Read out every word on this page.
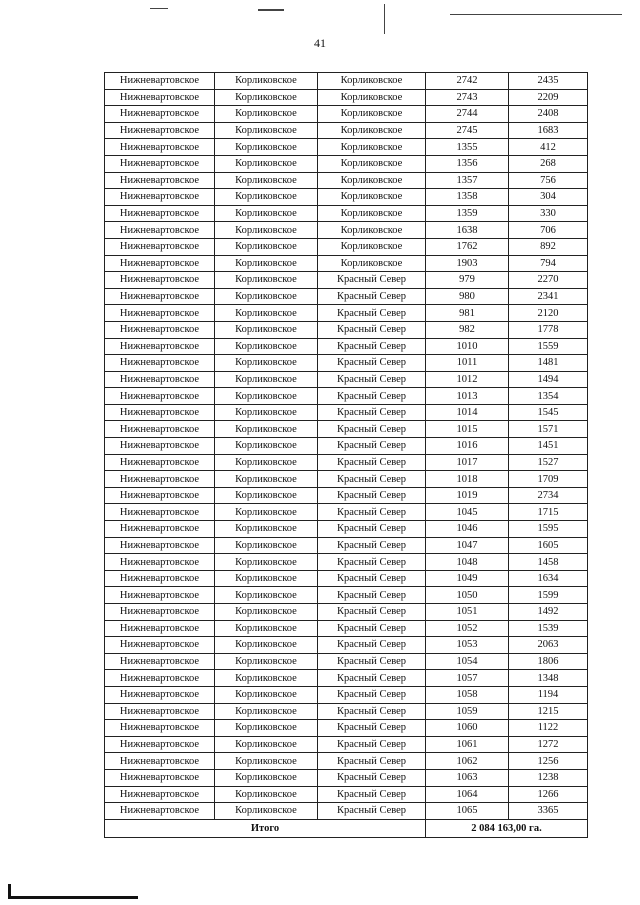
41
Нижневартовское	Корликовское	Корликовское	2742	2435
Нижневартовское	Корликовское	Корликовское	2743	2209
Нижневартовское	Корликовское	Корликовское	2744	2408
Нижневартовское	Корликовское	Корликовское	2745	1683
Нижневартовское	Корликовское	Корликовское	1355	412
Нижневартовское	Корликовское	Корликовское	1356	268
Нижневартовское	Корликовское	Корликовское	1357	756
Нижневартовское	Корликовское	Корликовское	1358	304
Нижневартовское	Корликовское	Корликовское	1359	330
Нижневартовское	Корликовское	Корликовское	1638	706
Нижневартовское	Корликовское	Корликовское	1762	892
Нижневартовское	Корликовское	Корликовское	1903	794
Нижневартовское	Корликовское	Красный Север	979	2270
Нижневартовское	Корликовское	Красный Север	980	2341
Нижневартовское	Корликовское	Красный Север	981	2120
Нижневартовское	Корликовское	Красный Север	982	1778
Нижневартовское	Корликовское	Красный Север	1010	1559
Нижневартовское	Корликовское	Красный Север	1011	1481
Нижневартовское	Корликовское	Красный Север	1012	1494
Нижневартовское	Корликовское	Красный Север	1013	1354
Нижневартовское	Корликовское	Красный Север	1014	1545
Нижневартовское	Корликовское	Красный Север	1015	1571
Нижневартовское	Корликовское	Красный Север	1016	1451
Нижневартовское	Корликовское	Красный Север	1017	1527
Нижневартовское	Корликовское	Красный Север	1018	1709
Нижневартовское	Корликовское	Красный Север	1019	2734
Нижневартовское	Корликовское	Красный Север	1045	1715
Нижневартовское	Корликовское	Красный Север	1046	1595
Нижневартовское	Корликовское	Красный Север	1047	1605
Нижневартовское	Корликовское	Красный Север	1048	1458
Нижневартовское	Корликовское	Красный Север	1049	1634
Нижневартовское	Корликовское	Красный Север	1050	1599
Нижневартовское	Корликовское	Красный Север	1051	1492
Нижневартовское	Корликовское	Красный Север	1052	1539
Нижневартовское	Корликовское	Красный Север	1053	2063
Нижневартовское	Корликовское	Красный Север	1054	1806
Нижневартовское	Корликовское	Красный Север	1057	1348
Нижневартовское	Корликовское	Красный Север	1058	1194
Нижневартовское	Корликовское	Красный Север	1059	1215
Нижневартовское	Корликовское	Красный Север	1060	1122
Нижневартовское	Корликовское	Красный Север	1061	1272
Нижневартовское	Корликовское	Красный Север	1062	1256
Нижневартовское	Корликовское	Красный Север	1063	1238
Нижневартовское	Корликовское	Красный Север	1064	1266
Нижневартовское	Корликовское	Красный Север	1065	3365
Итого			2 084 163,00 га.	
